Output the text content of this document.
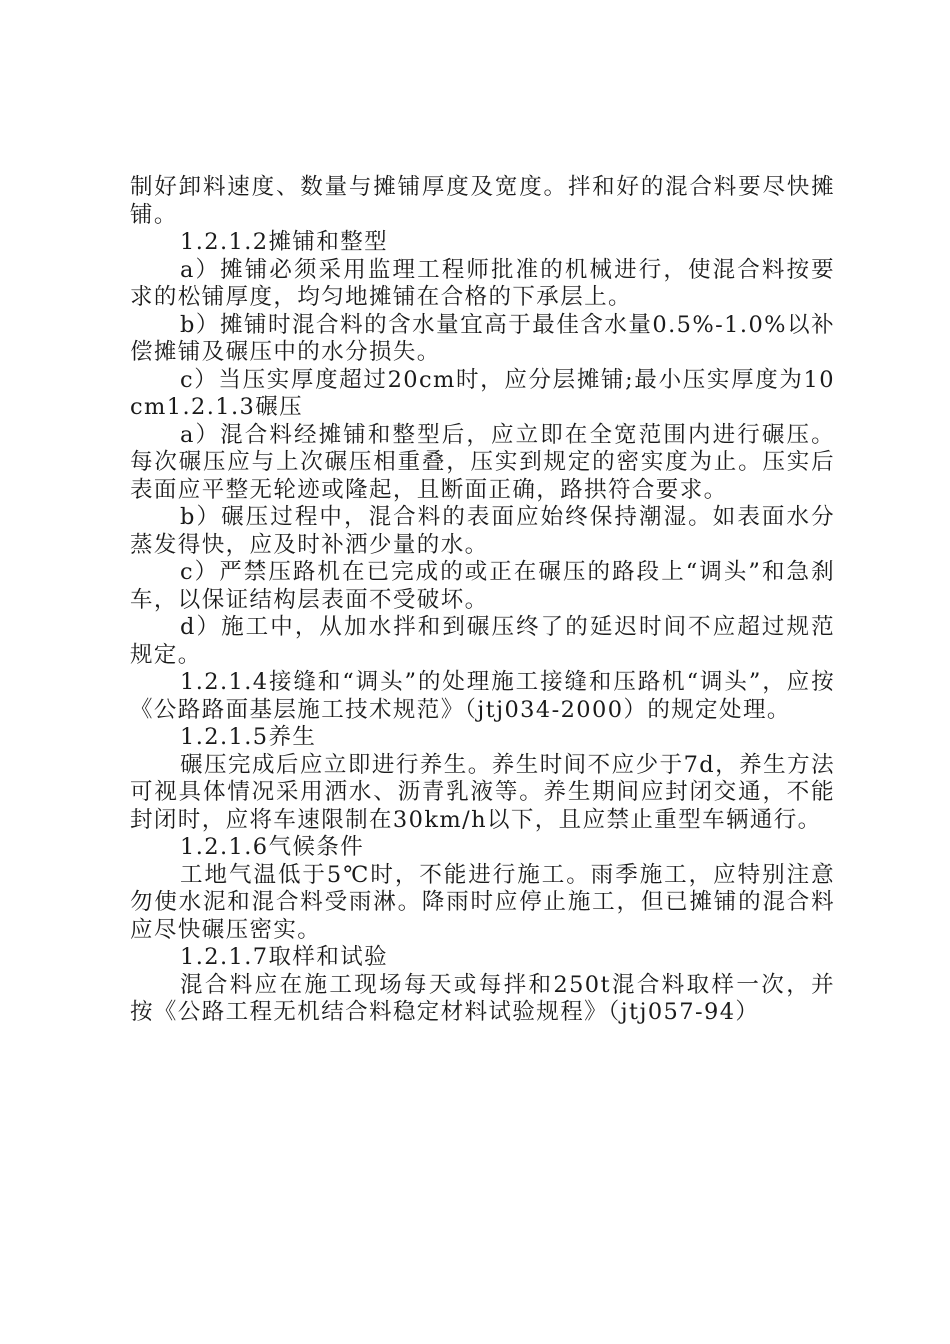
制好卸料速度、数量与摊铺厚度及宽度。拌和好的混合料要尽快摊铺。

1.2.1.2摊铺和整型

a）摊铺必须采用监理工程师批准的机械进行，使混合料按要求的松铺厚度，均匀地摊铺在合格的下承层上。

b）摊铺时混合料的含水量宜高于最佳含水量0.5%-1.0%以补偿摊铺及碾压中的水分损失。

c）当压实厚度超过20cm时，应分层摊铺;最小压实厚度为10cm1.2.1.3碾压

a）混合料经摊铺和整型后，应立即在全宽范围内进行碾压。每次碾压应与上次碾压相重叠，压实到规定的密实度为止。压实后表面应平整无轮迹或隆起，且断面正确，路拱符合要求。

b）碾压过程中，混合料的表面应始终保持潮湿。如表面水分蒸发得快，应及时补洒少量的水。

c）严禁压路机在已完成的或正在碾压的路段上“调头”和急刹车，以保证结构层表面不受破坏。

d）施工中，从加水拌和到碾压终了的延迟时间不应超过规范规定。

1.2.1.4接缝和“调头”的处理施工接缝和压路机“调头”，应按《公路路面基层施工技术规范》（jtj034-2000）的规定处理。

1.2.1.5养生

碾压完成后应立即进行养生。养生时间不应少于7d，养生方法可视具体情况采用洒水、沥青乳液等。养生期间应封闭交通，不能封闭时，应将车速限制在30km/h以下，且应禁止重型车辆通行。

1.2.1.6气候条件

工地气温低于5℃时，不能进行施工。雨季施工，应特别注意勿使水泥和混合料受雨淋。降雨时应停止施工，但已摊铺的混合料应尽快碾压密实。

1.2.1.7取样和试验

混合料应在施工现场每天或每拌和250t混合料取样一次，并按《公路工程无机结合料稳定材料试验规程》（jtj057-94）
